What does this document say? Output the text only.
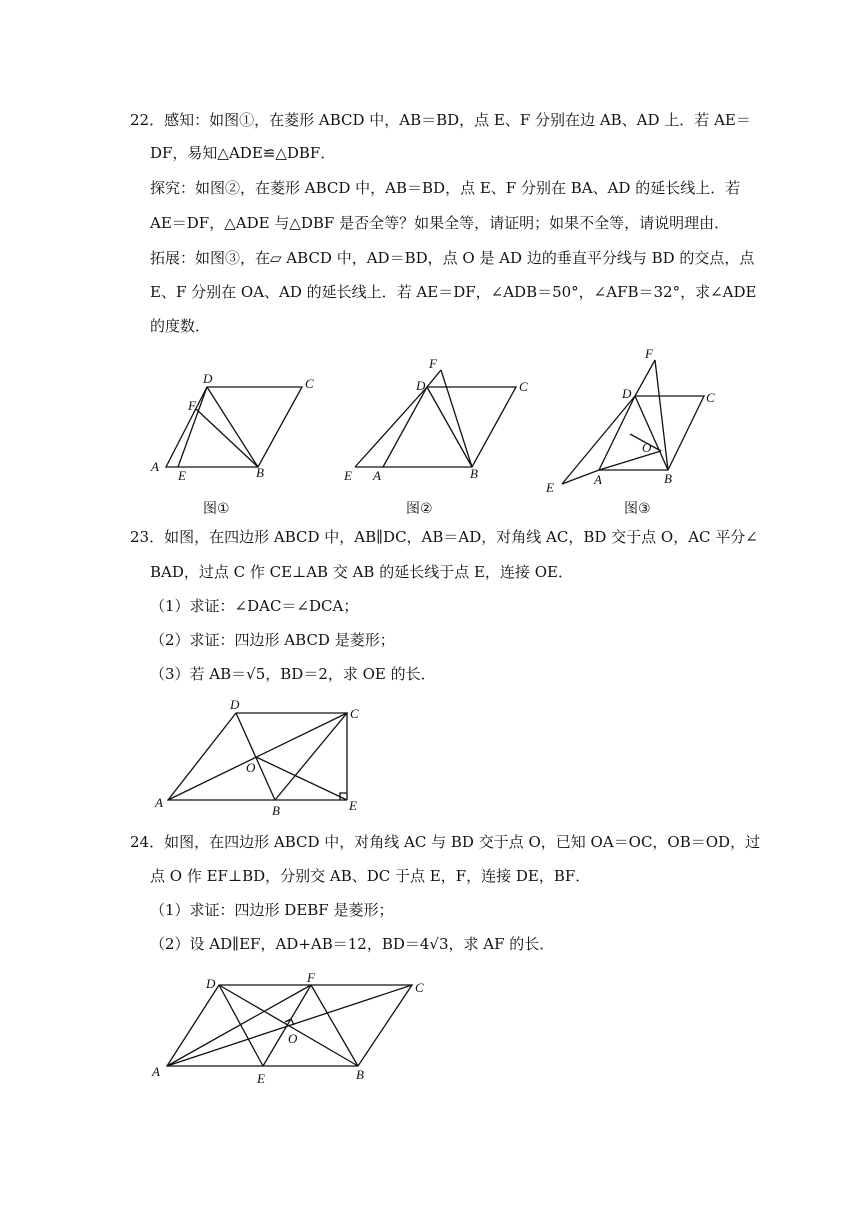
22．感知：如图①，在菱形 ABCD 中，AB＝BD，点 E、F 分别在边 AB、AD 上．若 AE＝
DF，易知△ADE≌△DBF．
探究：如图②，在菱形 ABCD 中，AB＝BD，点 E、F 分别在 BA、AD 的延长线上．若
AE＝DF，△ADE 与△DBF 是否全等？如果全等，请证明；如果不全等，请说明理由．
拓展：如图③，在▱ ABCD 中，AD＝BD，点 O 是 AD 边的垂直平分线与 BD 的交点，点
E、F 分别在 OA、AD 的延长线上．若 AE＝DF，∠ADB＝50°，∠AFB＝32°，求∠ADE
的度数．
A	B
C
D
E
F
图①
E A	B
C
D
F
图②
E
A	B
C
D
F
O
图③
23．如图，在四边形 ABCD 中，AB∥DC，AB＝AD，对角线 AC，BD 交于点 O，AC 平分∠
BAD，过点 C 作 CE⊥AB 交 AB 的延长线于点 E，连接 OE．
（1）求证：∠DAC＝∠DCA；
（2）求证：四边形 ABCD 是菱形；
（3）若 AB＝√5，BD＝2，求 OE 的长．
A
B
C
D
E
O
24．如图，在四边形 ABCD 中，对角线 AC 与 BD 交于点 O，已知 OA＝OC，OB＝OD，过
点 O 作 EF⊥BD，分别交 AB、DC 于点 E，F，连接 DE，BF．
（1）求证：四边形 DEBF 是菱形；
（2）设 AD∥EF，AD+AB＝12，BD＝4√3，求 AF 的长．
A	E	B
C
D	F
O
